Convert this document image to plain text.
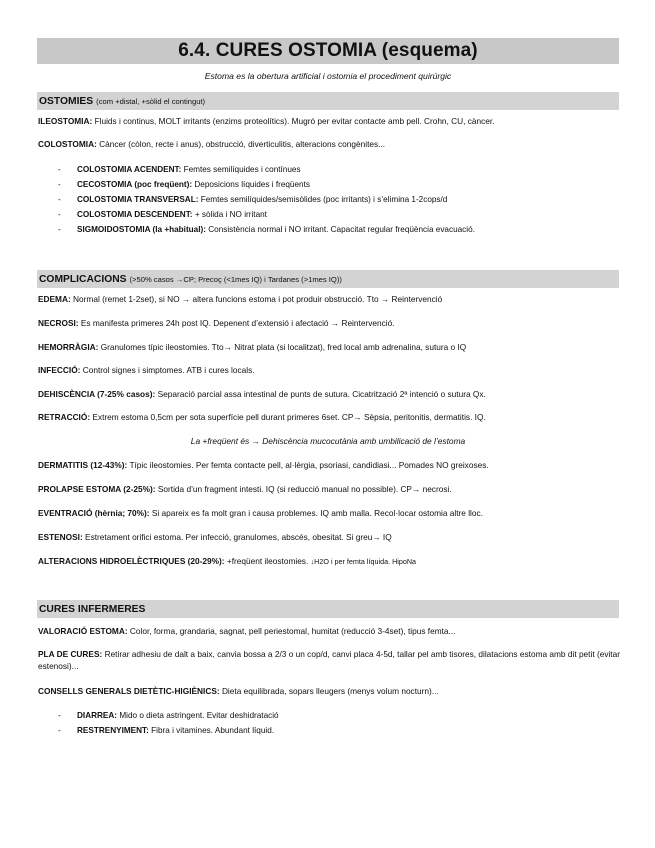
6.4. CURES OSTOMIA (esquema)
Estoma es la obertura artificial i ostomia el procediment quirúrgic
OSTOMIES (com +distal, +sòlid el contingut)

ILEOSTOMIA: Fluids i continus, MOLT irritants (enzims proteolítics). Mugró per evitar contacte amb pell. Crohn, CU, càncer.

COLOSTOMIA: Càncer (còlon, recte i anus), obstrucció, diverticulitis, alteracions congènites...

- COLOSTOMIA ACENDENT: Femtes semilíquides i contínues
- CECOSTOMIA (poc freqüent): Deposicions líquides i freqüents
- COLOSTOMIA TRANSVERSAL: Femtes semilíquides/semisòlides (poc irritants) i s’elimina 1-2cops/d
- COLOSTOMIA DESCENDENT: + sòlida i NO irritant
- SIGMOIDOSTOMIA (la +habitual): Consistència normal i NO irritant. Capacitat regular freqüència evacuació.
COMPLICACIONS (>50% casos →CP; Precoç (<1mes IQ) i Tardanes (>1mes IQ))

EDEMA: Normal (remet 1-2set), si NO → altera funcions estoma i pot produir obstrucció. Tto → Reintervenció

NECROSI: Es manifesta primeres 24h post IQ. Depenent d’extensió i afectació → Reintervenció.

HEMORRÀGIA: Granulomes típic ileostomies. Tto→ Nitrat plata (si localitzat), fred local amb adrenalina, sutura o IQ

INFECCIÓ: Control signes i simptomes. ATB i cures locals.

DEHISCÈNCIA (7-25% casos): Separació parcial assa intestinal de punts de sutura. Cicatrització 2ª intenció o sutura Qx.

RETRACCIÓ: Extrem estoma 0,5cm per sota superfície pell durant primeres 6set. CP→ Sèpsia, peritonitis, dermatitis. IQ.

La +freqüent és → Dehiscència mucocutània amb umbilicació de l’estoma

DERMATITIS (12-43%): Típic ileostomies. Per femta contacte pell, al·lèrgia, psoriasi, candidiasi... Pomades NO greixoses.

PROLAPSE ESTOMA (2-25%): Sortida d’un fragment intesti. IQ (si reducció manual no possible). CP→ necrosi.

EVENTRACIÓ (hèrnia; 70%): Si apareix es fa molt gran i causa problemes. IQ amb malla. Recol·locar ostomia altre lloc.

ESTENOSI: Estretament orifici estoma. Per infecció, granulomes, abscés, obesitat. Si greu→ IQ

ALTERACIONS HIDROELÈCTRIQUES (20-29%): +freqüent ileostomies. ↓H2O i per femta líquida. HipoNa

CURES INFERMERES

VALORACIÓ ESTOMA: Color, forma, grandaria, sagnat, pell periestomal, humitat (reducció 3-4set), tipus femta...

PLA DE CURES: Retirar adhesiu de dalt a baix, canvia bossa a 2/3 o un cop/d, canvi placa 4-5d, tallar pel amb tisores, dilatacions estoma amb dit petit (evitar estenosi)...

CONSELLS GENERALS DIETÈTIC-HIGIÈNICS: Dieta equilibrada, sopars lleugers (menys volum nocturn)...

- DIARREA: Mido o dieta astringent. Evitar deshidratació
- RESTRENYIMENT: Fibra i vitamines. Abundant líquid.
